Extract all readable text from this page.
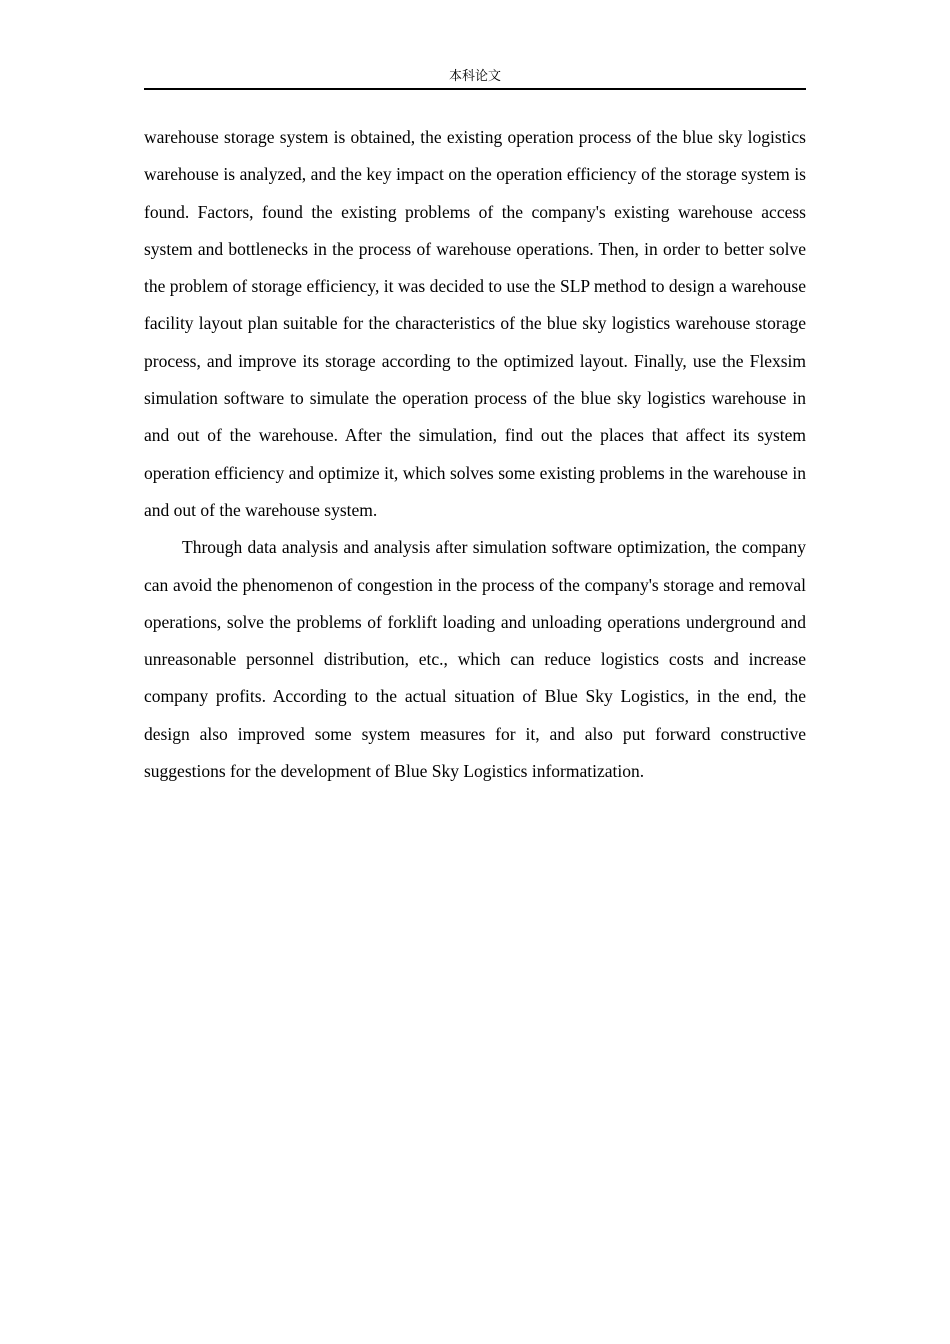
本科论文

warehouse storage system is obtained, the existing operation process of the blue sky logistics warehouse is analyzed, and the key impact on the operation efficiency of the storage system is found. Factors, found the existing problems of the company's existing warehouse access system and bottlenecks in the process of warehouse operations. Then, in order to better solve the problem of storage efficiency, it was decided to use the SLP method to design a warehouse facility layout plan suitable for the characteristics of the blue sky logistics warehouse storage process, and improve its storage according to the optimized layout. Finally, use the Flexsim simulation software to simulate the operation process of the blue sky logistics warehouse in and out of the warehouse. After the simulation, find out the places that affect its system operation efficiency and optimize it, which solves some existing problems in the warehouse in and out of the warehouse system.

Through data analysis and analysis after simulation software optimization, the company can avoid the phenomenon of congestion in the process of the company's storage and removal operations, solve the problems of forklift loading and unloading operations underground and unreasonable personnel distribution, etc., which can reduce logistics costs and increase company profits. According to the actual situation of Blue Sky Logistics, in the end, the design also improved some system measures for it, and also put forward constructive suggestions for the development of Blue Sky Logistics informatization.
